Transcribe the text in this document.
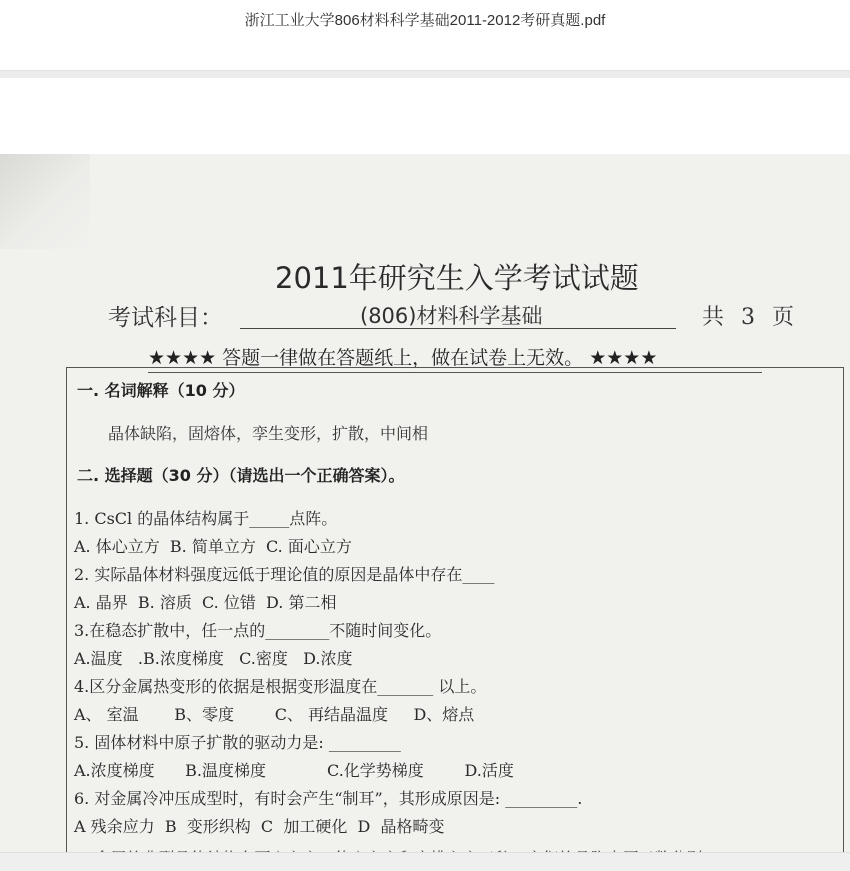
浙江工业大学806材料科学基础2011-2012考研真题.pdf
2011年研究生入学考试试题
考试科目：	(806)材料科学基础	共 3 页
★★★★ 答题一律做在答题纸上，做在试卷上无效。 ★★★★
一. 名词解释（10 分）
晶体缺陷，固熔体，孪生变形，扩散，中间相
二. 选择题（30 分）（请选出一个正确答案）。
1. CsCl 的晶体结构属于_____点阵。
A. 体心立方  B. 简单立方  C. 面心立方
2. 实际晶体材料强度远低于理论值的原因是晶体中存在____
A. 晶界  B. 溶质  C. 位错  D. 第二相
3.在稳态扩散中，任一点的________不随时间变化。
A.温度   .B.浓度梯度   C.密度   D.浓度
4.区分金属热变形的依据是根据变形温度在_______ 以上。
A、 室温       B、零度        C、 再结晶温度     D、熔点
5. 固体材料中原子扩散的驱动力是: _________
A.浓度梯度      B.温度梯度            C.化学势梯度        D.活度
6. 对金属冷冲压成型时，有时会产生“制耳”，其形成原因是: _________.
A 残余应力  B  变形织构  C  加工硬化  D  晶格畸变
